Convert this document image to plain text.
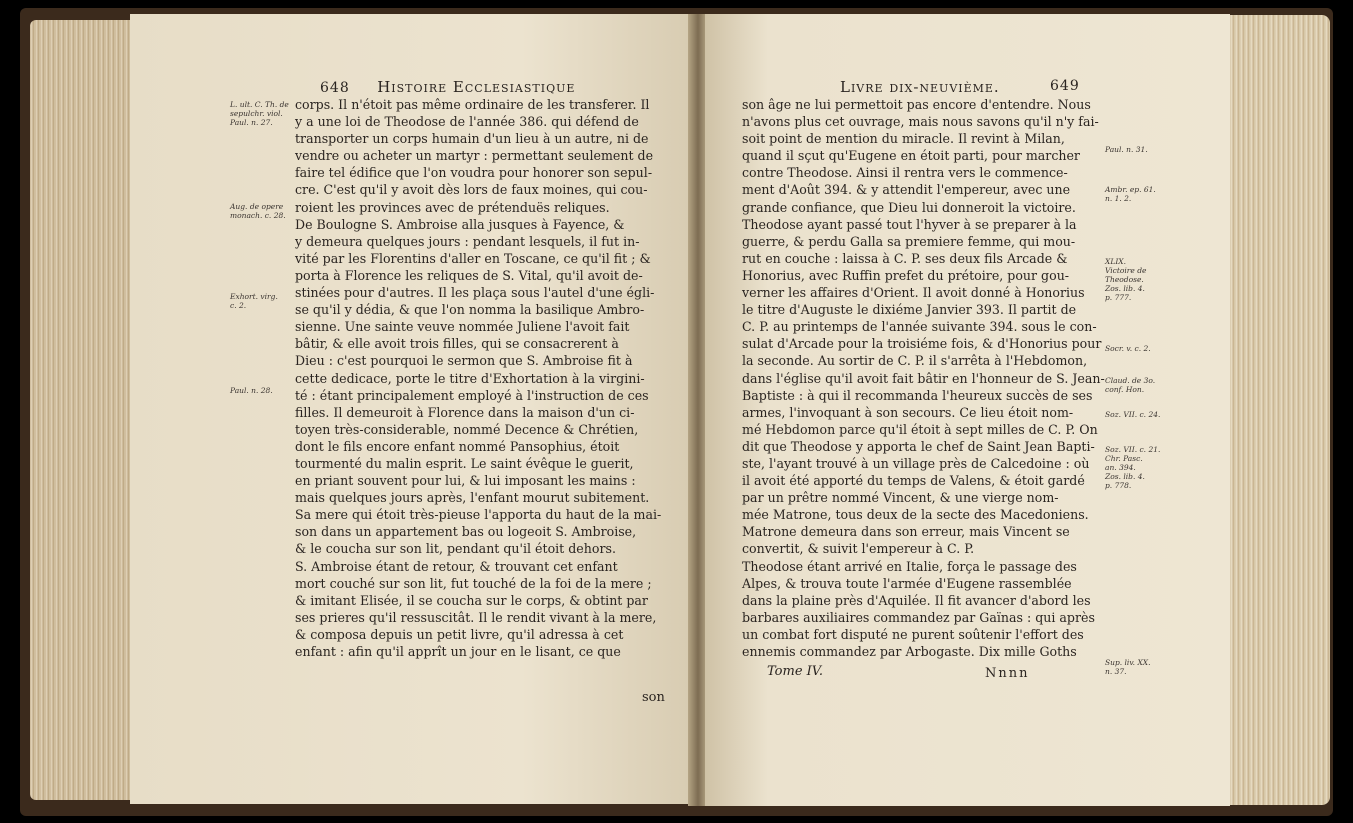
648 Histoire Ecclesiastique

corps. Il n'étoit pas même ordinaire de les transferer. Il

y a une loi de Theodose de l'année 386. qui défend de

transporter un corps humain d'un lieu à un autre, ni de

vendre ou acheter un martyr : permettant seulement de

faire tel édifice que l'on voudra pour honorer son sepul-

cre. C'est qu'il y avoit dès lors de faux moines, qui cou-

roient les provinces avec de prétenduës reliques.

De Boulogne S. Ambroise alla jusques à Fayence, &

y demeura quelques jours : pendant lesquels, il fut in-

vité par les Florentins d'aller en Toscane, ce qu'il fit ; &

porta à Florence les reliques de S. Vital, qu'il avoit de-

stinées pour d'autres. Il les plaça sous l'autel d'une égli-

se qu'il y dédia, & que l'on nomma la basilique Ambro-

sienne. Une sainte veuve nommée Juliene l'avoit fait

bâtir, & elle avoit trois filles, qui se consacrerent à

Dieu : c'est pourquoi le sermon que S. Ambroise fit à

cette dedicace, porte le titre d'Exhortation à la virgini-

té : étant principalement employé à l'instruction de ces

filles. Il demeuroit à Florence dans la maison d'un ci-

toyen très-considerable, nommé Decence & Chrétien,

dont le fils encore enfant nommé Pansophius, étoit

tourmenté du malin esprit. Le saint évêque le guerit,

en priant souvent pour lui, & lui imposant les mains :

mais quelques jours après, l'enfant mourut subitement.

Sa mere qui étoit très-pieuse l'apporta du haut de la mai-

son dans un appartement bas ou logeoit S. Ambroise,

& le coucha sur son lit, pendant qu'il étoit dehors.

S. Ambroise étant de retour, & trouvant cet enfant

mort couché sur son lit, fut touché de la foi de la mere ;

& imitant Elisée, il se coucha sur le corps, & obtint par

ses prieres qu'il ressuscitât. Il le rendit vivant à la mere,

& composa depuis un petit livre, qu'il adressa à cet

enfant : afin qu'il apprît un jour en le lisant, ce que

son
L. ult. C. Th. de
sepulchr. viol.
Paul. n. 27.
Aug. de opere
monach. c. 28.
Exhort. virg.
c. 2.
Paul. n. 28.
Livre dix-neuvième.	649

son âge ne lui permettoit pas encore d'entendre. Nous

n'avons plus cet ouvrage, mais nous savons qu'il n'y fai-

soit point de mention du miracle. Il revint à Milan,

quand il sçut qu'Eugene en étoit parti, pour marcher

contre Theodose. Ainsi il rentra vers le commence-

ment d'Août 394. & y attendit l'empereur, avec une

grande confiance, que Dieu lui donneroit la victoire.

Theodose ayant passé tout l'hyver à se preparer à la

guerre, & perdu Galla sa premiere femme, qui mou-

rut en couche : laissa à C. P. ses deux fils Arcade &

Honorius, avec Ruffin prefet du prétoire, pour gou-

verner les affaires d'Orient. Il avoit donné à Honorius

le titre d'Auguste le dixiéme Janvier 393. Il partit de

C. P. au printemps de l'année suivante 394. sous le con-

sulat d'Arcade pour la troisiéme fois, & d'Honorius pour

la seconde. Au sortir de C. P. il s'arrêta à l'Hebdomon,

dans l'église qu'il avoit fait bâtir en l'honneur de S. Jean-

Baptiste : à qui il recommanda l'heureux succès de ses

armes, l'invoquant à son secours. Ce lieu étoit nom-

mé Hebdomon parce qu'il étoit à sept milles de C. P. On

dit que Theodose y apporta le chef de Saint Jean Bapti-

ste, l'ayant trouvé à un village près de Calcedoine : où

il avoit été apporté du temps de Valens, & étoit gardé

par un prêtre nommé Vincent, & une vierge nom-

mée Matrone, tous deux de la secte des Macedoniens.

Matrone demeura dans son erreur, mais Vincent se

convertit, & suivit l'empereur à C. P.

Theodose étant arrivé en Italie, força le passage des

Alpes, & trouva toute l'armée d'Eugene rassemblée

dans la plaine près d'Aquilée. Il fit avancer d'abord les

barbares auxiliaires commandez par Gaïnas : qui après

un combat fort disputé ne purent soûtenir l'effort des

ennemis commandez par Arbogaste. Dix mille Goths

Tome IV.	Nnnn
Paul. n. 31.
Ambr. ep. 61.
n. 1. 2.
XLIX.
Victoire de
Theodose.
Zos. lib. 4.
p. 777.
Socr. v. c. 2.
Claud. de 3o.
conf. Hon.
Soz. VII. c. 24.
Soz. VII. c. 21.
Chr. Pasc.
an. 394.
Zos. lib. 4.
p. 778.
Sup. liv. XX.
n. 37.
